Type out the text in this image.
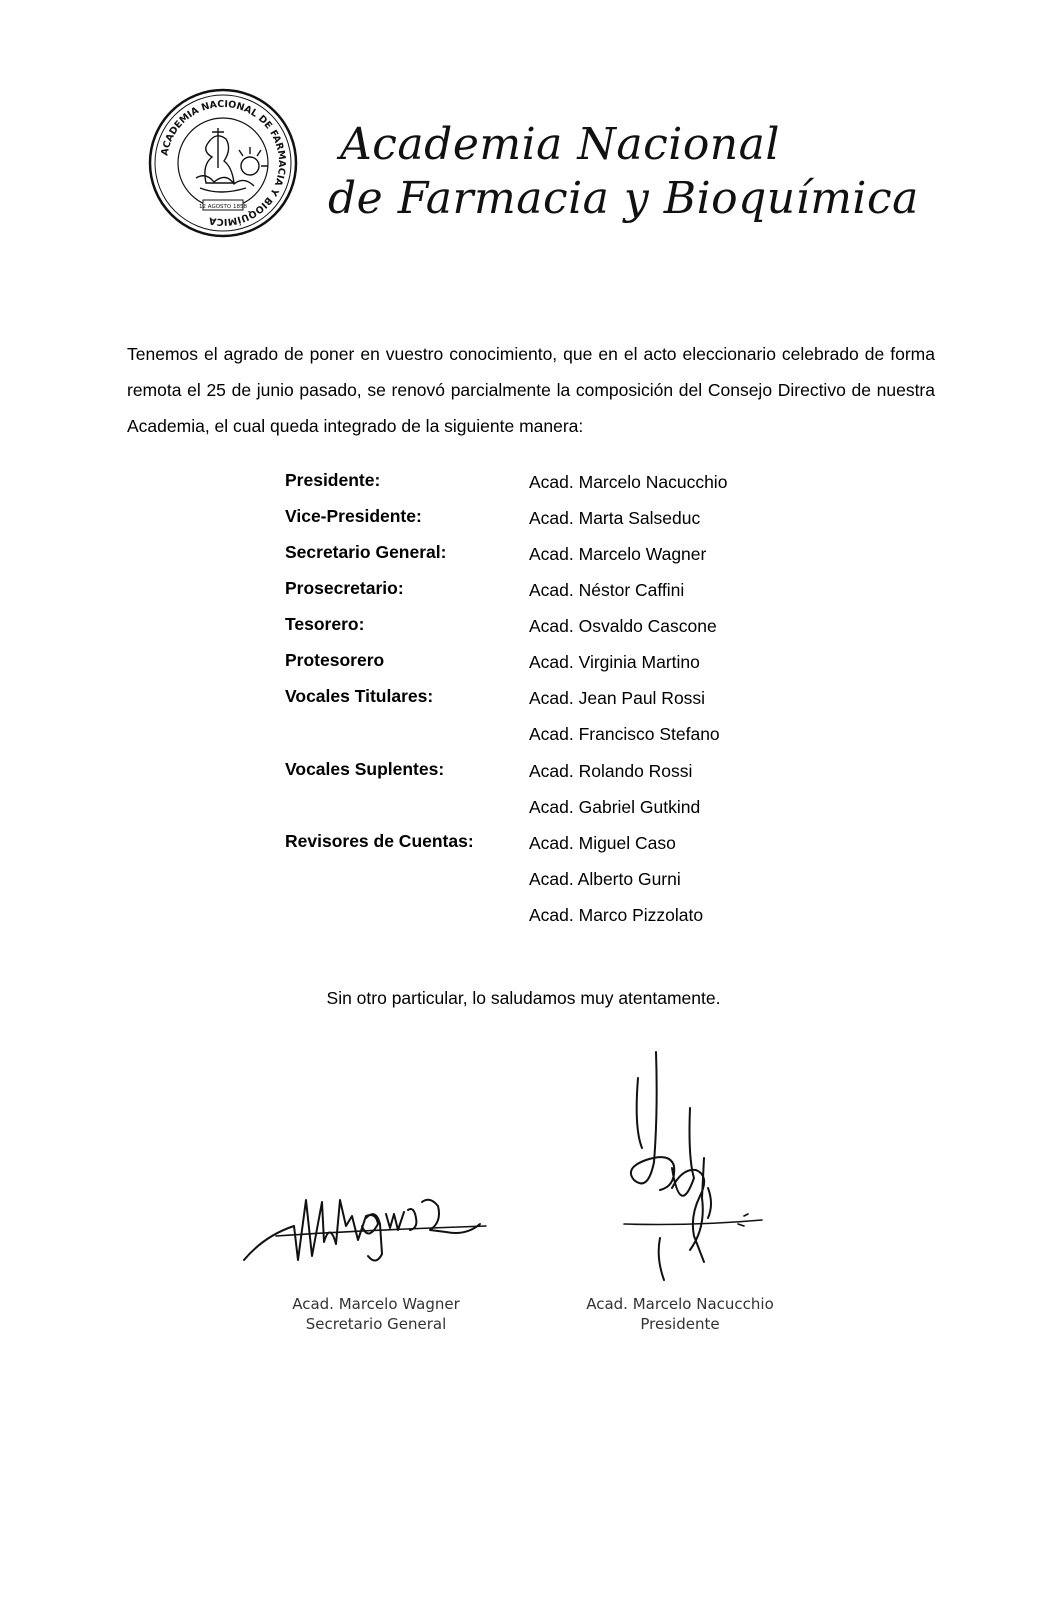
ACADEMIA NACIONAL DE FARMACIA Y BIOQUÍMICA
12 AGOSTO 1858
Academia Nacional
de Farmacia y Bioquímica

Tenemos el agrado de poner en vuestro conocimiento, que en el acto eleccionario celebrado de forma remota el 25 de junio pasado, se renovó parcialmente la composición del Consejo Directivo de nuestra Academia, el cual queda integrado de la siguiente manera:

Presidente:	Acad. Marcelo Nacucchio
Vice-Presidente:	Acad. Marta Salseduc
Secretario General:	Acad. Marcelo Wagner
Prosecretario:	Acad. Néstor Caffini
Tesorero:	Acad. Osvaldo Cascone
Protesorero	Acad. Virginia Martino
Vocales Titulares:	Acad. Jean Paul Rossi
Acad. Francisco Stefano
Vocales Suplentes:	Acad. Rolando Rossi
Acad. Gabriel Gutkind
Revisores de Cuentas:	Acad. Miguel Caso
Acad. Alberto Gurni
Acad. Marco Pizzolato

Sin otro particular, lo saludamos muy atentamente.

Acad. Marcelo Wagner
Secretario General
Acad. Marcelo Nacucchio
Presidente
